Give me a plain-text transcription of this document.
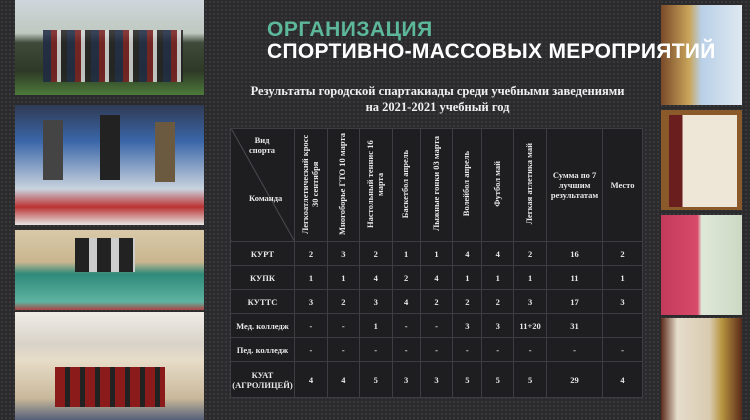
ОРГАНИЗАЦИЯ
СПОРТИВНО-МАССОВЫХ МЕРОПРИЯТИЙ
Результаты городской спартакиады среди учебными заведениями
на 2021-2021 учебный год
Вид спорта
Команда	Легкоатлетический кросс 30 сентября	Многоборье ГТО 10 марта	Настольный теннис 16 марта	Баскетбол апрель	Лыжные гонки 03 марта	Волейбол апрель	Футбол май	Легкая атлетика май	Сумма по 7 лучшим результатам	Место
КУРТ	2	3	2	1	1	4	4	2	16	2
КУПК	1	1	4	2	4	1	1	1	11	1
КУТТС	3	2	3	4	2	2	2	3	17	3
Мед. колледж	-	-	1	-	-	3	3	11+20	31	
Пед. колледж	-	-	-	-	-	-	-	-	-	-
КУАТ (АГРОЛИЦЕЙ)	4	4	5	3	3	5	5	5	29	4
